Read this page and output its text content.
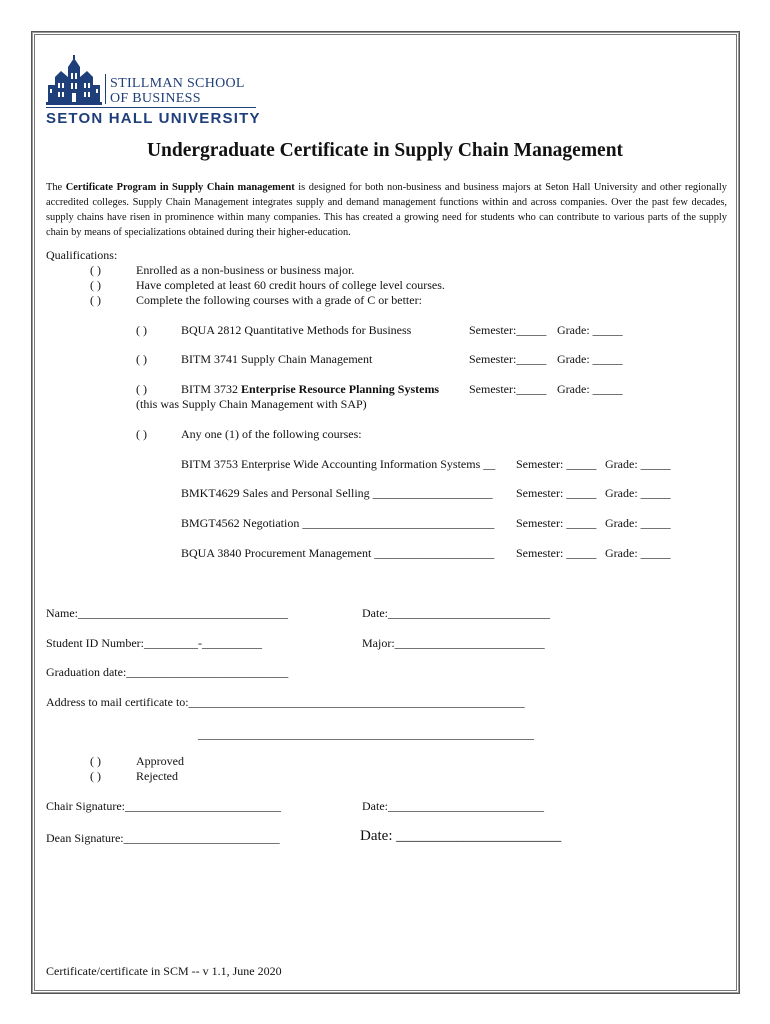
STILLMAN SCHOOL
OF BUSINESS
SETON HALL UNIVERSITY
Undergraduate Certificate in Supply Chain Management
The Certificate Program in Supply Chain management is designed for both non-business and business majors at Seton Hall University and other regionally accredited colleges. Supply Chain Management integrates supply and demand management functions within and across companies. Over the past few decades, supply chains have risen in prominence within many companies. This has created a growing need for students who can contribute to various parts of the supply chain by means of specializations obtained during their higher-education.
Qualifications:
( )	Enrolled as a non-business or business major.
( )	Have completed at least 60 credit hours of college level courses.
( )	Complete the following courses with a grade of C or better:
( )	BQUA 2812 Quantitative Methods for Business	Semester:_____ Grade: _____
( )	BITM 3741 Supply Chain Management	Semester:_____ Grade: _____
( )	BITM 3732 Enterprise Resource Planning Systems Semester:_____ Grade: _____
(this was Supply Chain Management with SAP)
( )	Any one (1) of the following courses:
BITM 3753 Enterprise Wide Accounting Information Systems __ Semester: _____ Grade: _____
BMKT4629 Sales and Personal Selling ____________________ Semester: _____ Grade: _____
BMGT4562 Negotiation ________________________________ Semester: _____ Grade: _____
BQUA 3840 Procurement Management ____________________ Semester: _____ Grade: _____
Name:___________________________________	Date:___________________________
Student ID Number:_________-__________	Major:_________________________
Graduation date:___________________________
Address to mail certificate to:________________________________________________________
________________________________________________________
( )	Approved
( )	Rejected
Chair Signature:__________________________	Date:__________________________
Dean Signature:__________________________	Date: ______________________
Certificate/certificate in SCM -- v 1.1, June 2020
